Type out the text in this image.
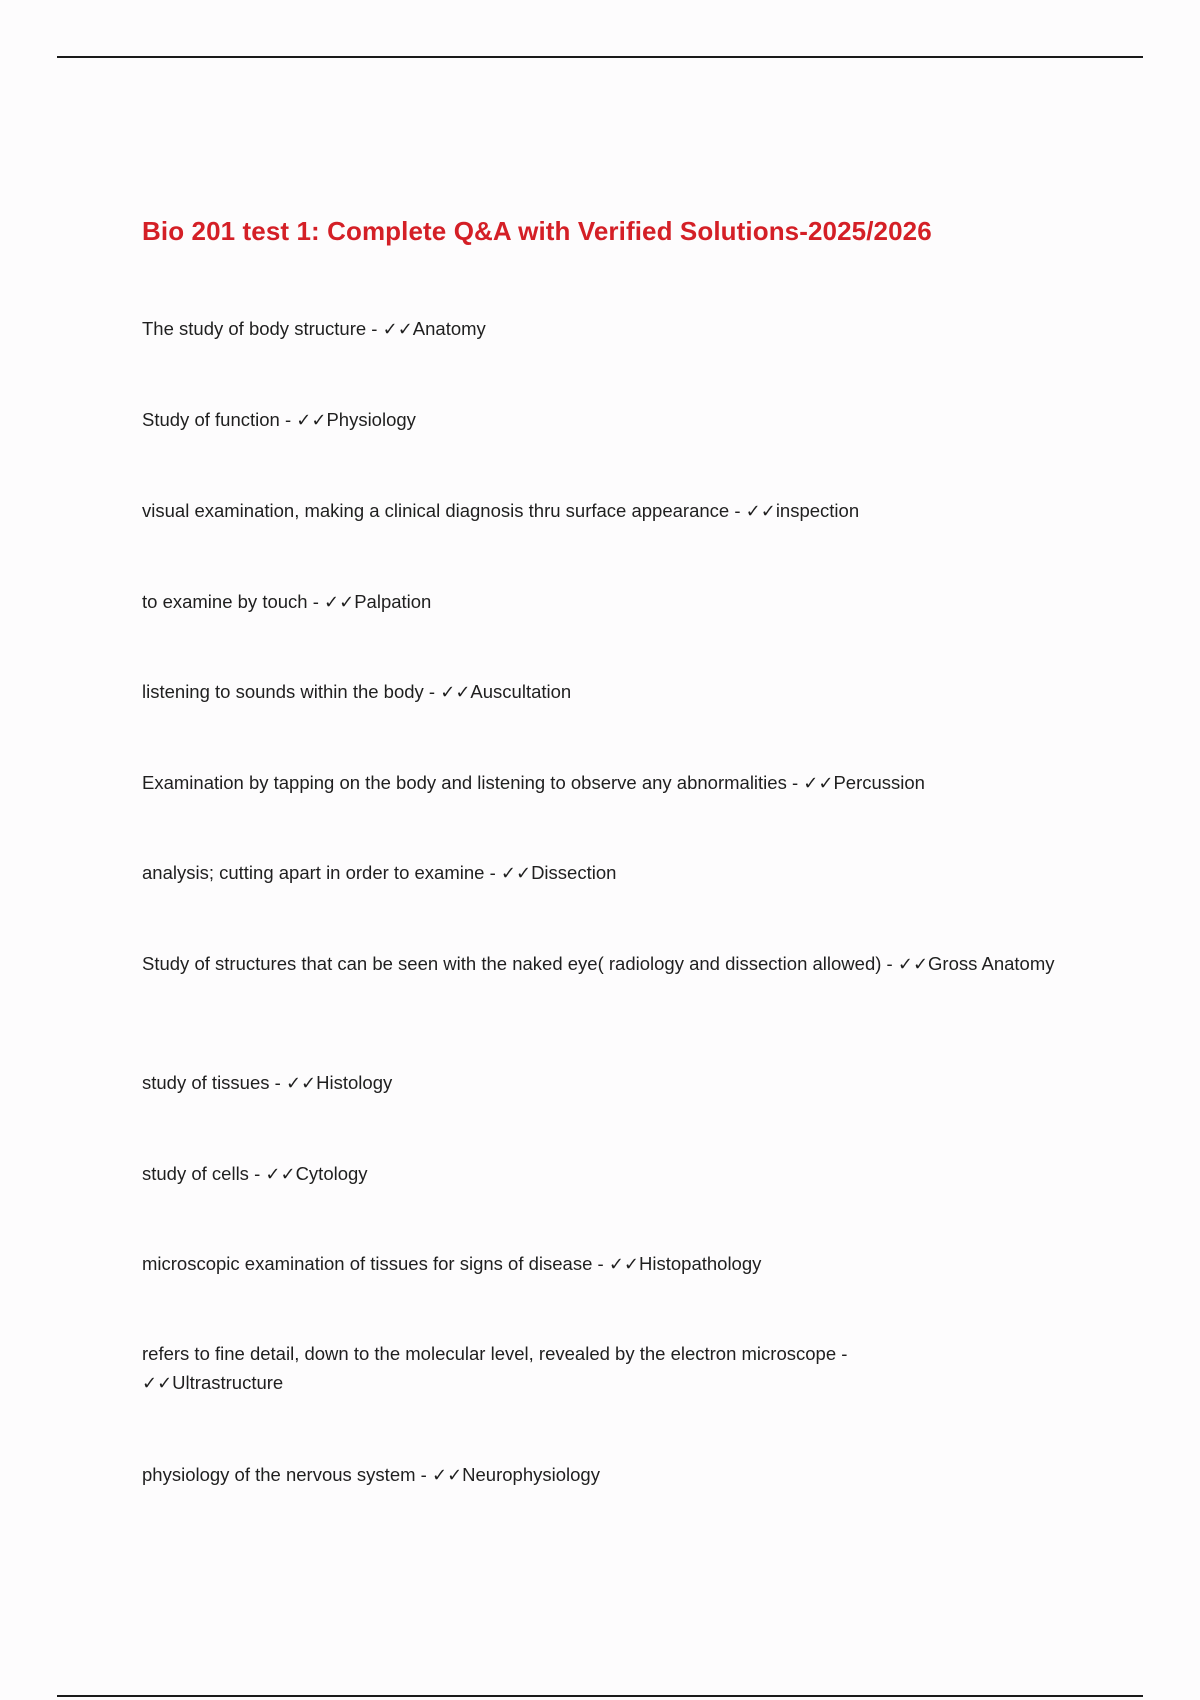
Bio 201 test 1: Complete Q&A with Verified Solutions-2025/2026

The study of body structure - ✓✓Anatomy

Study of function - ✓✓Physiology

visual examination, making a clinical diagnosis thru surface appearance - ✓✓inspection

to examine by touch - ✓✓Palpation

listening to sounds within the body - ✓✓Auscultation

Examination by tapping on the body and listening to observe any abnormalities - ✓✓Percussion

analysis; cutting apart in order to examine - ✓✓Dissection

Study of structures that can be seen with the naked eye( radiology and dissection allowed) - ✓✓Gross Anatomy

study of tissues - ✓✓Histology

study of cells - ✓✓Cytology

microscopic examination of tissues for signs of disease - ✓✓Histopathology

refers to fine detail, down to the molecular level, revealed by the electron microscope -
✓✓Ultrastructure

physiology of the nervous system - ✓✓Neurophysiology
